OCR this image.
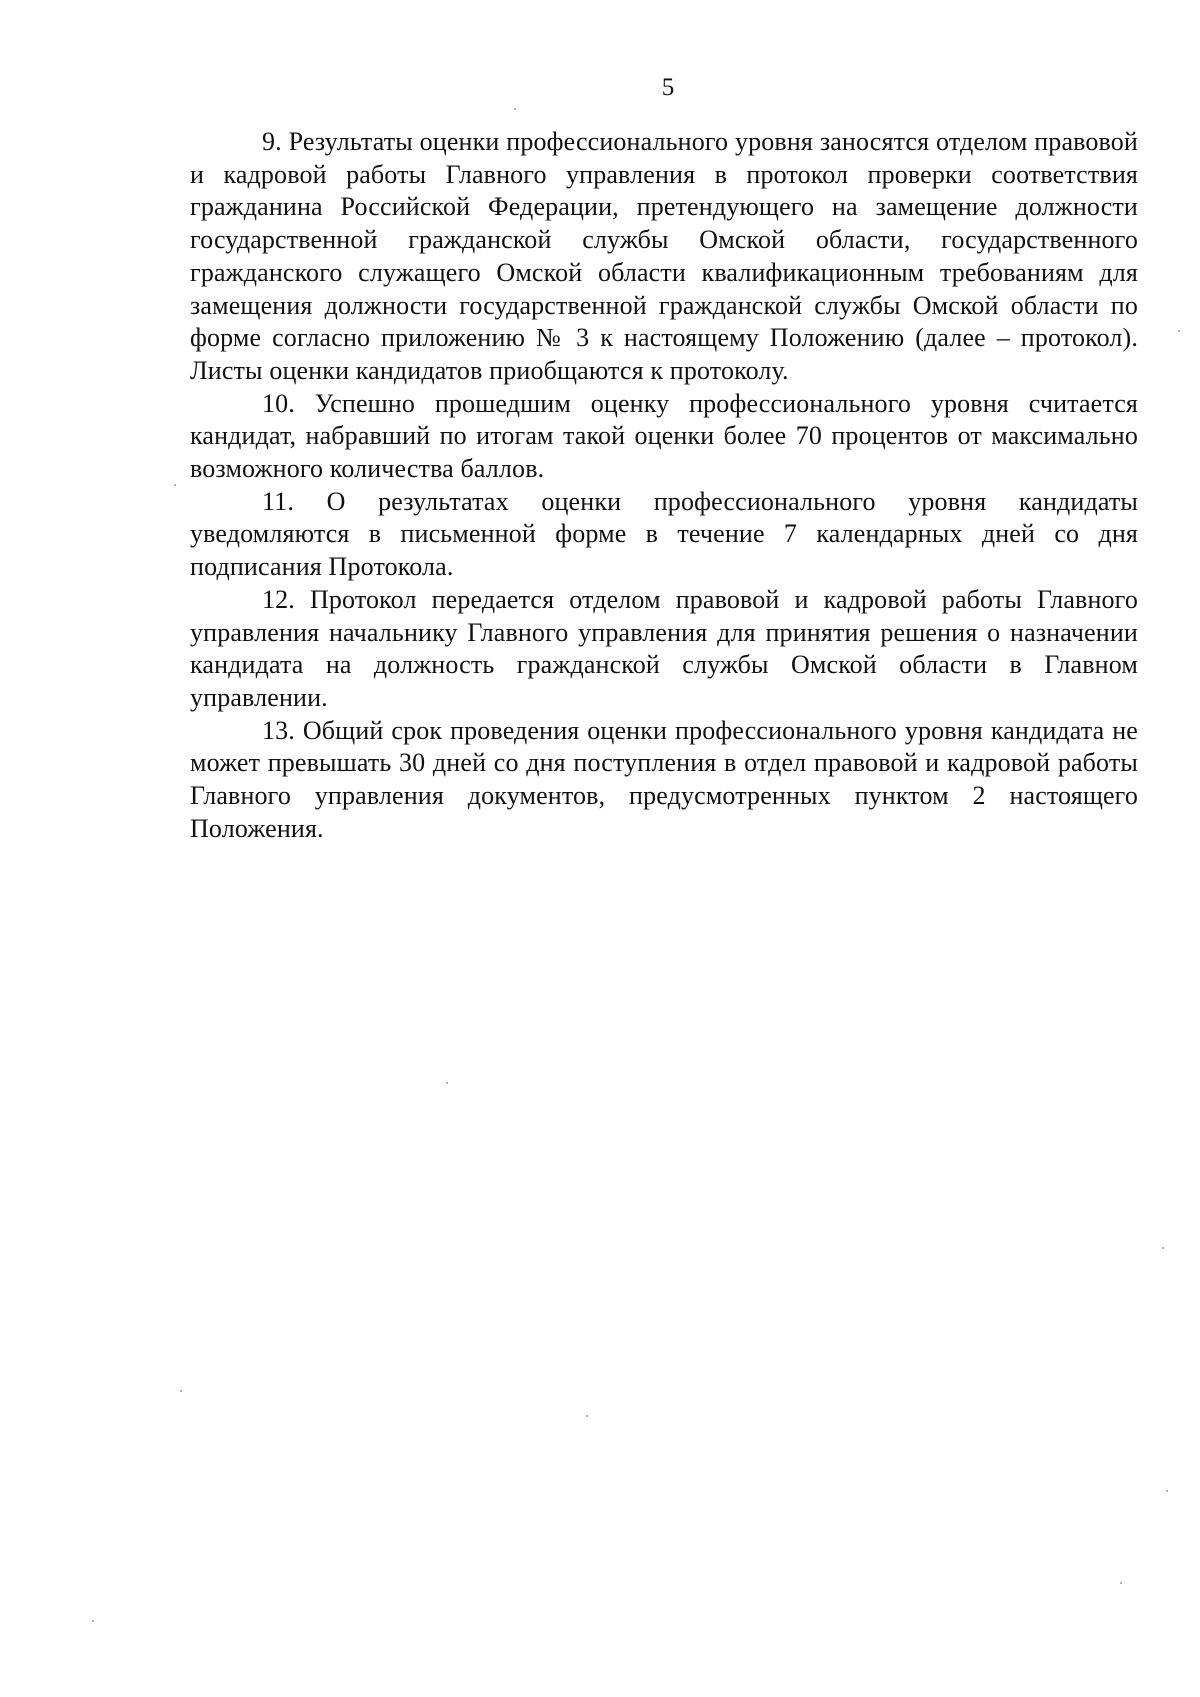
5

9. Результаты оценки профессионального уровня заносятся отделом правовой и кадровой работы Главного управления в протокол проверки соответствия гражданина Российской Федерации, претендующего на замещение должности государственной гражданской службы Омской области, государственного гражданского служащего Омской области квалификационным требованиям для замещения должности государственной гражданской службы Омской области по форме согласно приложению № 3 к настоящему Положению (далее – протокол). Листы оценки кандидатов приобщаются к протоколу.

10. Успешно прошедшим оценку профессионального уровня считается кандидат, набравший по итогам такой оценки более 70 процентов от максимально возможного количества баллов.

11. О результатах оценки профессионального уровня кандидаты уведомляются в письменной форме в течение 7 календарных дней со дня подписания Протокола.

12. Протокол передается отделом правовой и кадровой работы Главного управления начальнику Главного управления для принятия решения о назначении кандидата на должность гражданской службы Омской области в Главном управлении.

13. Общий срок проведения оценки профессионального уровня кандидата не может превышать 30 дней со дня поступления в отдел правовой и кадровой работы Главного управления документов, предусмотренных пунктом 2 настоящего Положения.
